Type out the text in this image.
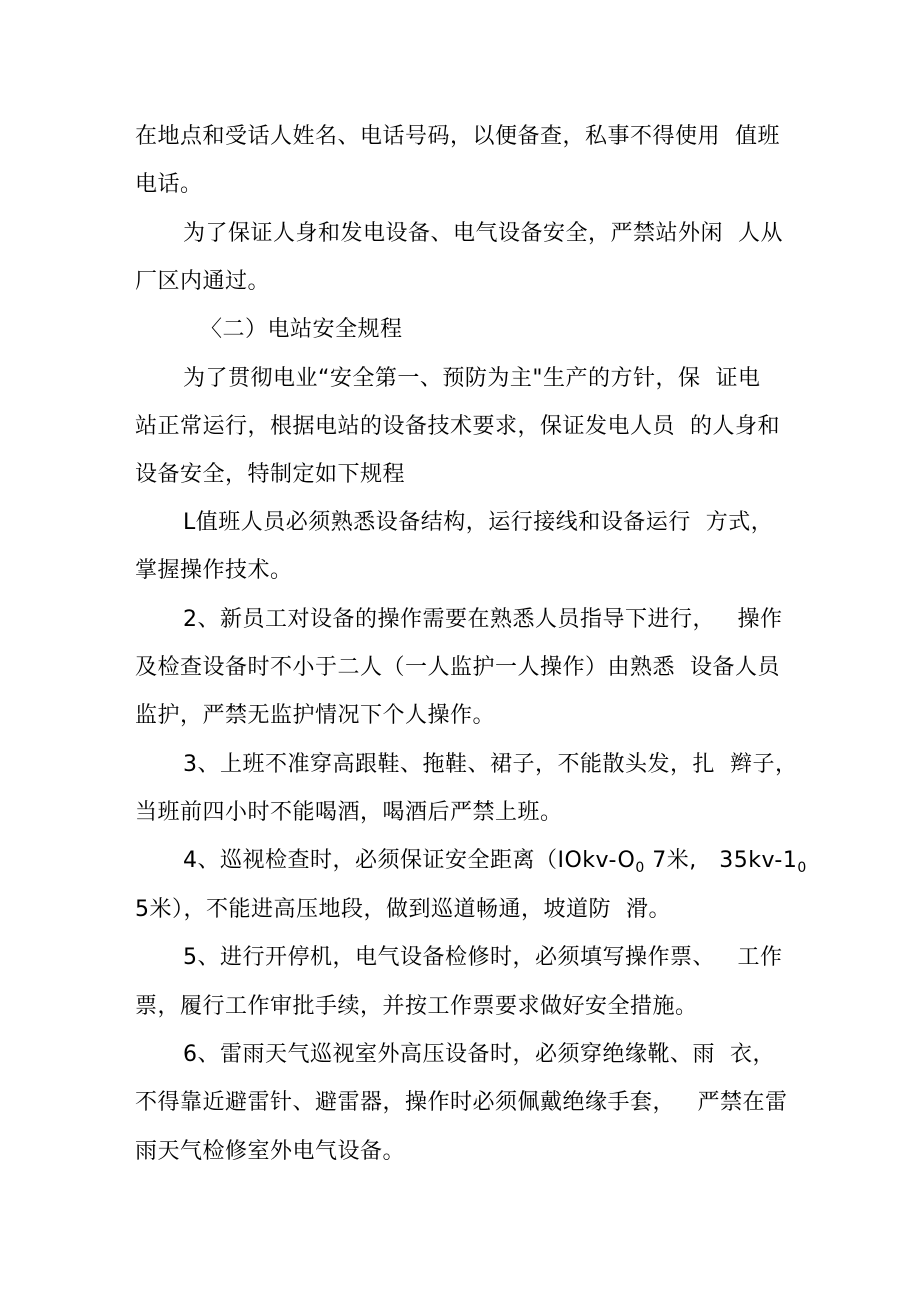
在地点和受话人姓名、电话号码，以便备查，私事不得使用  值班
电话。
为了保证人身和发电设备、电气设备安全，严禁站外闲  人从
厂区内通过。
〈二）电站安全规程
为了贯彻电业“安全第一、预防为主"生产的方针，保  证电
站正常运行，根据电站的设备技术要求，保证发电人员  的人身和
设备安全，特制定如下规程
L值班人员必须熟悉设备结构，运行接线和设备运行  方式，
掌握操作技术。
2、新员工对设备的操作需要在熟悉人员指导下进行，   操作
及检查设备时不小于二人（一人监护一人操作）由熟悉  设备人员
监护，严禁无监护情况下个人操作。
3、上班不准穿高跟鞋、拖鞋、裙子，不能散头发，扎  辫子，
当班前四小时不能喝酒，喝酒后严禁上班。
4、巡视检查时，必须保证安全距离（$IOkv-O_0$ 7米,   $35kv-1_0$
5米），不能进高压地段，做到巡道畅通，坡道防  滑。
5、进行开停机，电气设备检修时，必须填写操作票、   工作
票，履行工作审批手续，并按工作票要求做好安全措施。
6、雷雨天气巡视室外高压设备时，必须穿绝缘靴、雨  衣，
不得靠近避雷针、避雷器，操作时必须佩戴绝缘手套，   严禁在雷
雨天气检修室外电气设备。
